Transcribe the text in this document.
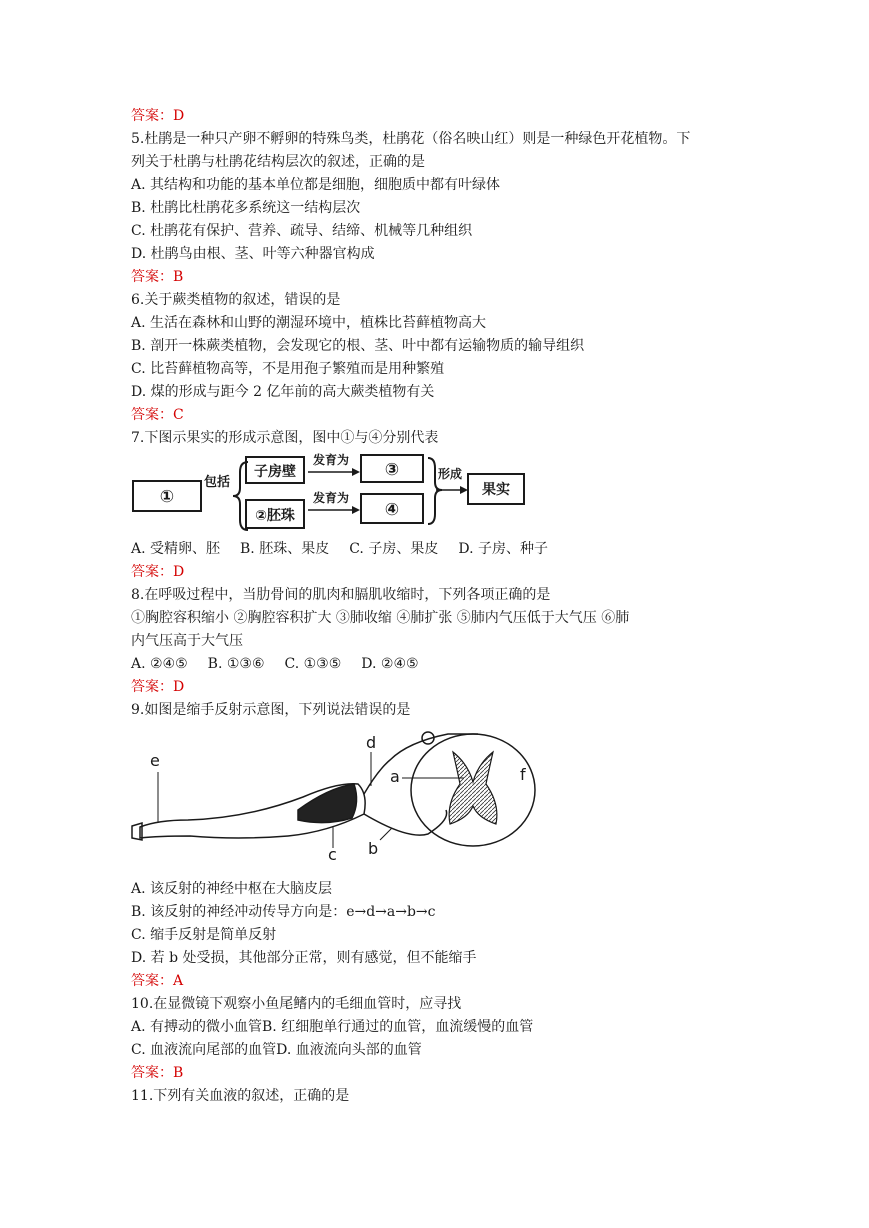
答案：D
5.杜鹃是一种只产卵不孵卵的特殊鸟类，杜鹃花（俗名映山红）则是一种绿色开花植物。下
列关于杜鹃与杜鹃花结构层次的叙述，正确的是
A. 其结构和功能的基本单位都是细胞，细胞质中都有叶绿体
B. 杜鹃比杜鹃花多系统这一结构层次
C. 杜鹃花有保护、营养、疏导、结缔、机械等几种组织
D. 杜鹃鸟由根、茎、叶等六种器官构成
答案：B
6.关于蕨类植物的叙述，错误的是
A. 生活在森林和山野的潮湿环境中，植株比苔藓植物高大
B. 剖开一株蕨类植物，会发现它的根、茎、叶中都有运输物质的输导组织
C. 比苔藓植物高等，不是用孢子繁殖而是用种繁殖
D. 煤的形成与距今 2 亿年前的高大蕨类植物有关
答案：C
7.下图示果实的形成示意图，图中①与④分别代表
①
包括
子房壁
②胚珠
发育为
发育为
③
④
形成
果实
A. 受精卵、胚 B. 胚珠、果皮 C. 子房、果皮 D. 子房、种子
答案：D
8.在呼吸过程中，当肋骨间的肌肉和膈肌收缩时，下列各项正确的是
①胸腔容积缩小 ②胸腔容积扩大 ③肺收缩 ④肺扩张 ⑤肺内气压低于大气压 ⑥肺
内气压高于大气压
A. ②④⑤ B. ①③⑥ C. ①③⑤ D. ②④⑤
答案：D
9.如图是缩手反射示意图，下列说法错误的是
e
d
a	f
c b
A. 该反射的神经中枢在大脑皮层
B. 该反射的神经冲动传导方向是：e→d→a→b→c
C. 缩手反射是简单反射
D. 若 b 处受损，其他部分正常，则有感觉，但不能缩手
答案：A
10.在显微镜下观察小鱼尾鳍内的毛细血管时，应寻找
A. 有搏动的微小血管B. 红细胞单行通过的血管，血流缓慢的血管
C. 血液流向尾部的血管D. 血液流向头部的血管
答案：B
11.下列有关血液的叙述，正确的是
